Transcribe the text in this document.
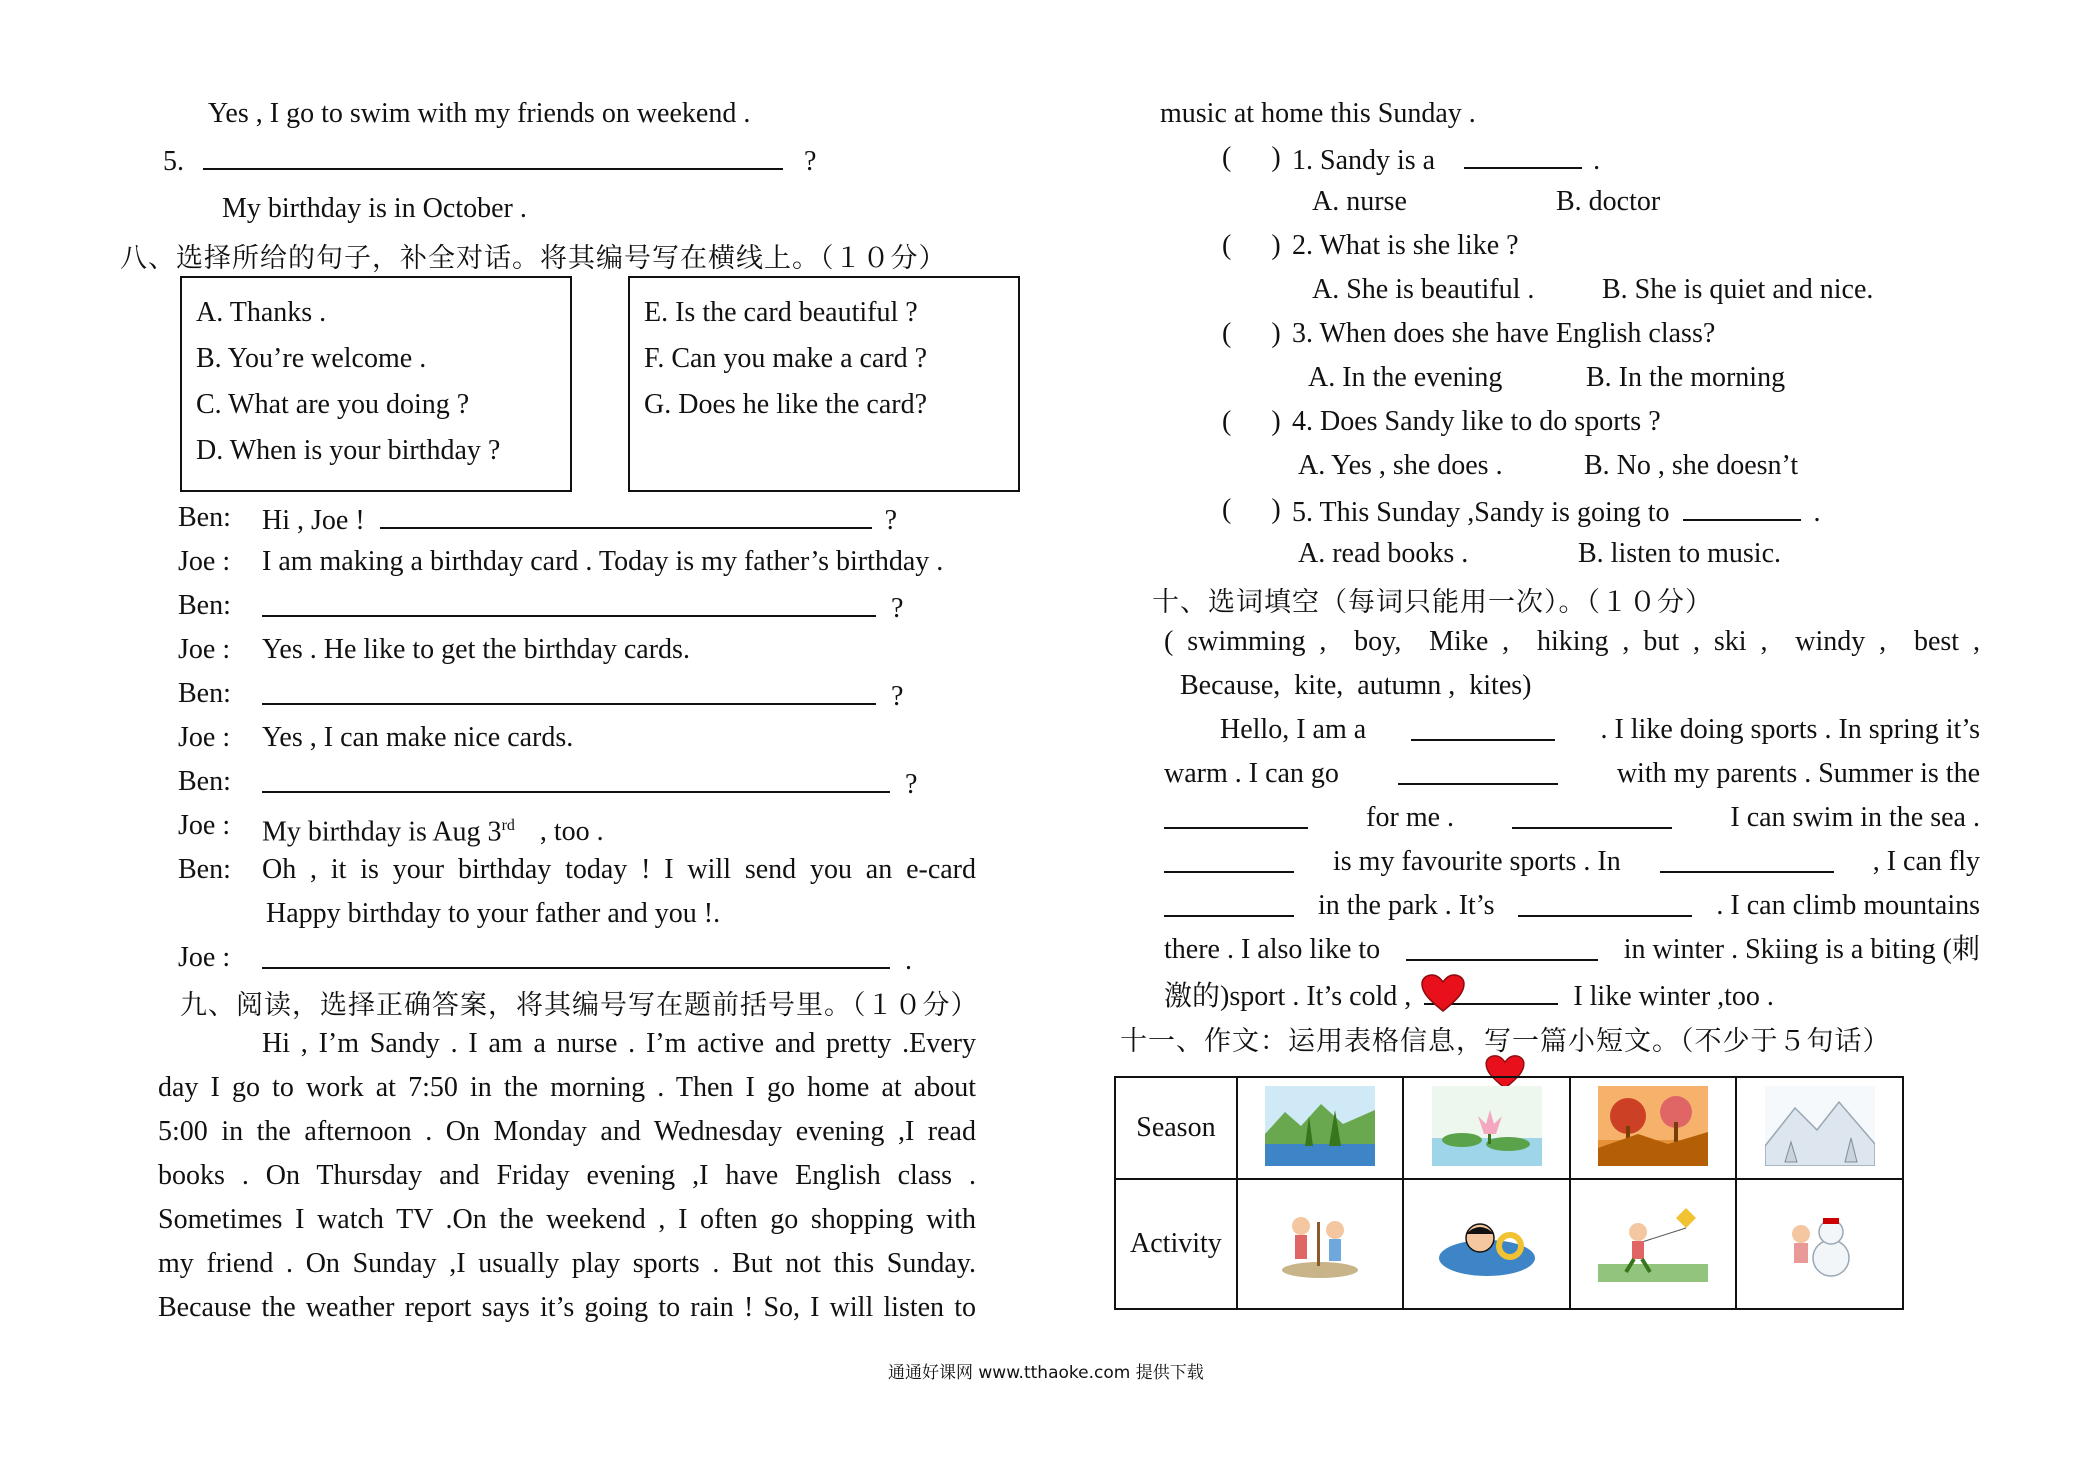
Yes , I go to swim with my friends on weekend .
5.	?
My birthday is in October .
八、选择所给的句子，补全对话。将其编号写在横线上。（１０分）
A. Thanks .
B. You’re welcome .
C. What are you doing ?
D. When is your birthday ?
E. Is the card beautiful ?
F. Can you make a card ?
G. Does he like the card?
Ben: Hi , Joe !	?
Joe : I am making a birthday card . Today is my father’s birthday .
Ben:	?
Joe : Yes . He like to get the birthday cards.
Ben:	?
Joe : Yes , I can make nice cards.
Ben:	?
Joe : My birthday is Aug 3rd , too .
Ben: Oh , it is your birthday today ! I will send you an e-card
Happy birthday to your father and you !.
Joe :	.
九、阅读，选择正确答案，将其编号写在题前括号里。（１０分）
Hi , I’m Sandy . I am a nurse . I’m active and pretty .Every
day I go to work at 7:50 in the morning . Then I go home at about
5:00 in the afternoon . On Monday and Wednesday evening ,I read
books . On Thursday and Friday evening ,I have English class .
Sometimes I watch TV .On the weekend , I often go shopping with
my friend . On Sunday ,I usually play sports . But not this Sunday.
Because the weather report says it’s going to rain ! So, I will listen to
music at home this Sunday .
( ) 1. Sandy is a	.
A. nurse	B. doctor
( ) 2. What is she like ?
A. She is beautiful . B. She is quiet and nice.
( ) 3. When does she have English class?
A. In the evening	B. In the morning
( ) 4. Does Sandy like to do sports ?
A. Yes , she does .	B. No , she doesn’t
( ) 5. This Sunday ,Sandy is going to	.
A. read books .	B. listen to music.
十、选词填空（每词只能用一次）。（１０分）
( swimming ,  boy,  Mike ,  hiking , but , ski ,  windy ,  best ,
Because,  kite,  autumn ,  kites)
Hello, I am a	. I like doing sports . In spring it’s
warm . I can go	with my parents . Summer is the
for me .	I can swim in the sea .
is my favourite sports . In	, I can fly
in the park . It’s	. I can climb mountains
there . I also like to	in winter . Skiing is a biting (刺
激的)sport . It’s cold ,	I like winter ,too .
十一、作文：运用表格信息，写一篇小短文。（不少于５句话）
Season				
Activity				
通通好课网 www.tthaoke.com 提供下载
